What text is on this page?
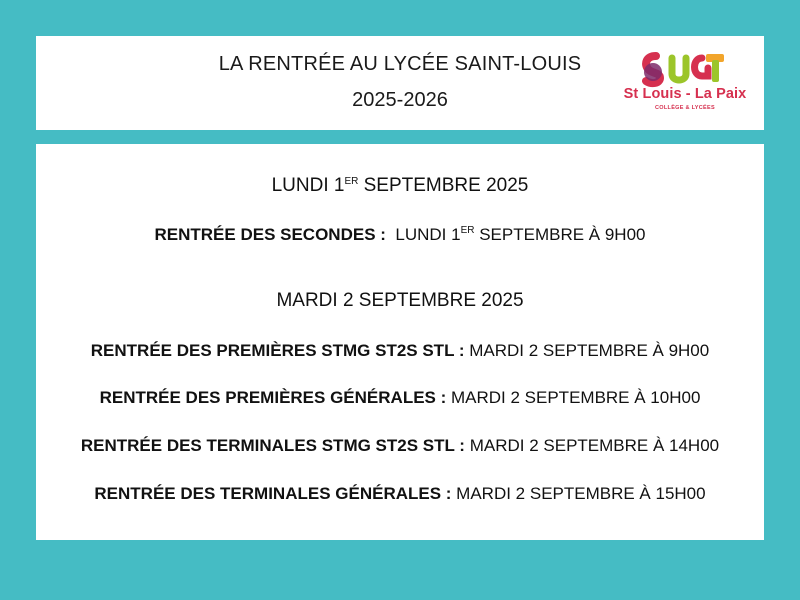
LA RENTRÉE AU LYCÉE SAINT-LOUIS
2025-2026	St Louis - La Paix
COLLÈGE & LYCÉES
LUNDI 1ER SEPTEMBRE 2025
RENTRÉE DES SECONDES :  LUNDI 1ER SEPTEMBRE À 9H00
MARDI 2 SEPTEMBRE 2025
RENTRÉE DES PREMIÈRES STMG ST2S STL : MARDI 2 SEPTEMBRE À 9H00
RENTRÉE DES PREMIÈRES GÉNÉRALES : MARDI 2 SEPTEMBRE À 10H00
RENTRÉE DES TERMINALES STMG ST2S STL : MARDI 2 SEPTEMBRE À 14H00
RENTRÉE DES TERMINALES GÉNÉRALES : MARDI 2 SEPTEMBRE À 15H00
